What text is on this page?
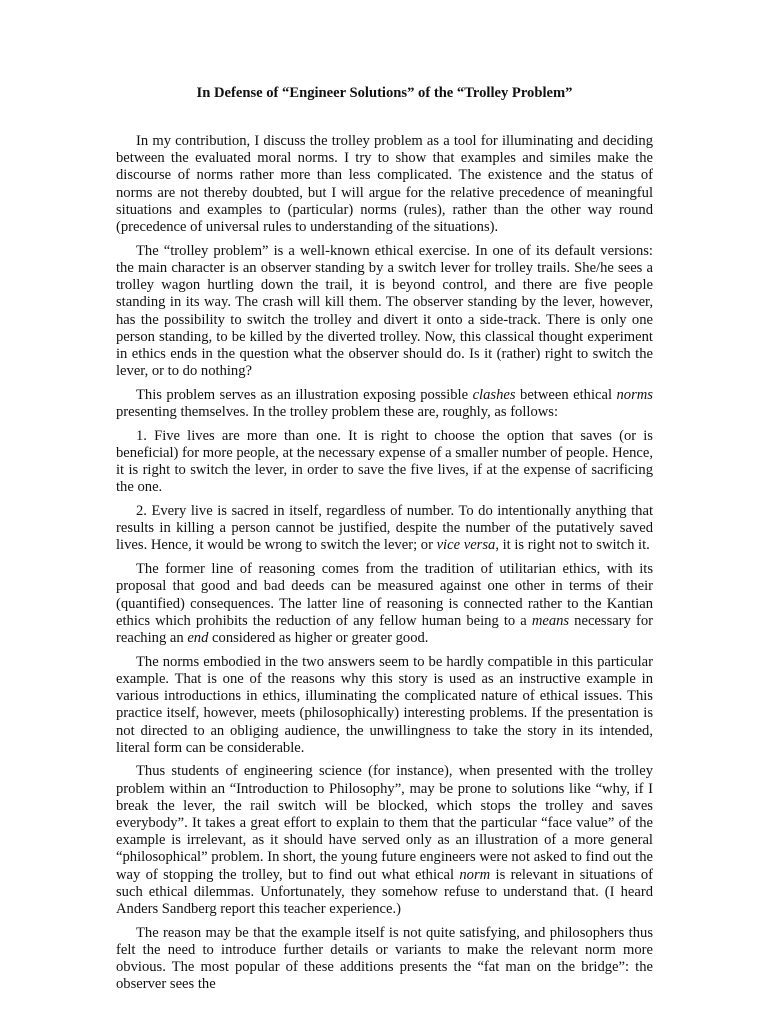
In Defense of “Engineer Solutions” of the “Trolley Problem”

In my contribution, I discuss the trolley problem as a tool for illuminating and deciding between the evaluated moral norms. I try to show that examples and similes make the discourse of norms rather more than less complicated. The existence and the status of norms are not thereby doubted, but I will argue for the relative precedence of meaningful situations and examples to (particular) norms (rules), rather than the other way round (precedence of universal rules to understanding of the situations).

The “trolley problem” is a well-known ethical exercise. In one of its default versions: the main character is an observer standing by a switch lever for trolley trails. She/he sees a trolley wagon hurtling down the trail, it is beyond control, and there are five people standing in its way. The crash will kill them. The observer standing by the lever, however, has the possibility to switch the trolley and divert it onto a side-track. There is only one person standing, to be killed by the diverted trolley. Now, this classical thought experiment in ethics ends in the question what the observer should do. Is it (rather) right to switch the lever, or to do nothing?

This problem serves as an illustration exposing possible clashes between ethical norms presenting themselves. In the trolley problem these are, roughly, as follows:

1. Five lives are more than one. It is right to choose the option that saves (or is beneficial) for more people, at the necessary expense of a smaller number of people. Hence, it is right to switch the lever, in order to save the five lives, if at the expense of sacrificing the one.

2. Every live is sacred in itself, regardless of number. To do intentionally anything that results in killing a person cannot be justified, despite the number of the putatively saved lives. Hence, it would be wrong to switch the lever; or vice versa, it is right not to switch it.

The former line of reasoning comes from the tradition of utilitarian ethics, with its proposal that good and bad deeds can be measured against one other in terms of their (quantified) consequences. The latter line of reasoning is connected rather to the Kantian ethics which prohibits the reduction of any fellow human being to a means necessary for reaching an end considered as higher or greater good.

The norms embodied in the two answers seem to be hardly compatible in this particular example. That is one of the reasons why this story is used as an instructive example in various introductions in ethics, illuminating the complicated nature of ethical issues. This practice itself, however, meets (philosophically) interesting problems. If the presentation is not directed to an obliging audience, the unwillingness to take the story in its intended, literal form can be considerable.

Thus students of engineering science (for instance), when presented with the trolley problem within an “Introduction to Philosophy”, may be prone to solutions like “why, if I break the lever, the rail switch will be blocked, which stops the trolley and saves everybody”. It takes a great effort to explain to them that the particular “face value” of the example is irrelevant, as it should have served only as an illustration of a more general “philosophical” problem. In short, the young future engineers were not asked to find out the way of stopping the trolley, but to find out what ethical norm is relevant in situations of such ethical dilemmas. Unfortunately, they somehow refuse to understand that. (I heard Anders Sandberg report this teacher experience.)

The reason may be that the example itself is not quite satisfying, and philosophers thus felt the need to introduce further details or variants to make the relevant norm more obvious. The most popular of these additions presents the “fat man on the bridge”: the observer sees the
